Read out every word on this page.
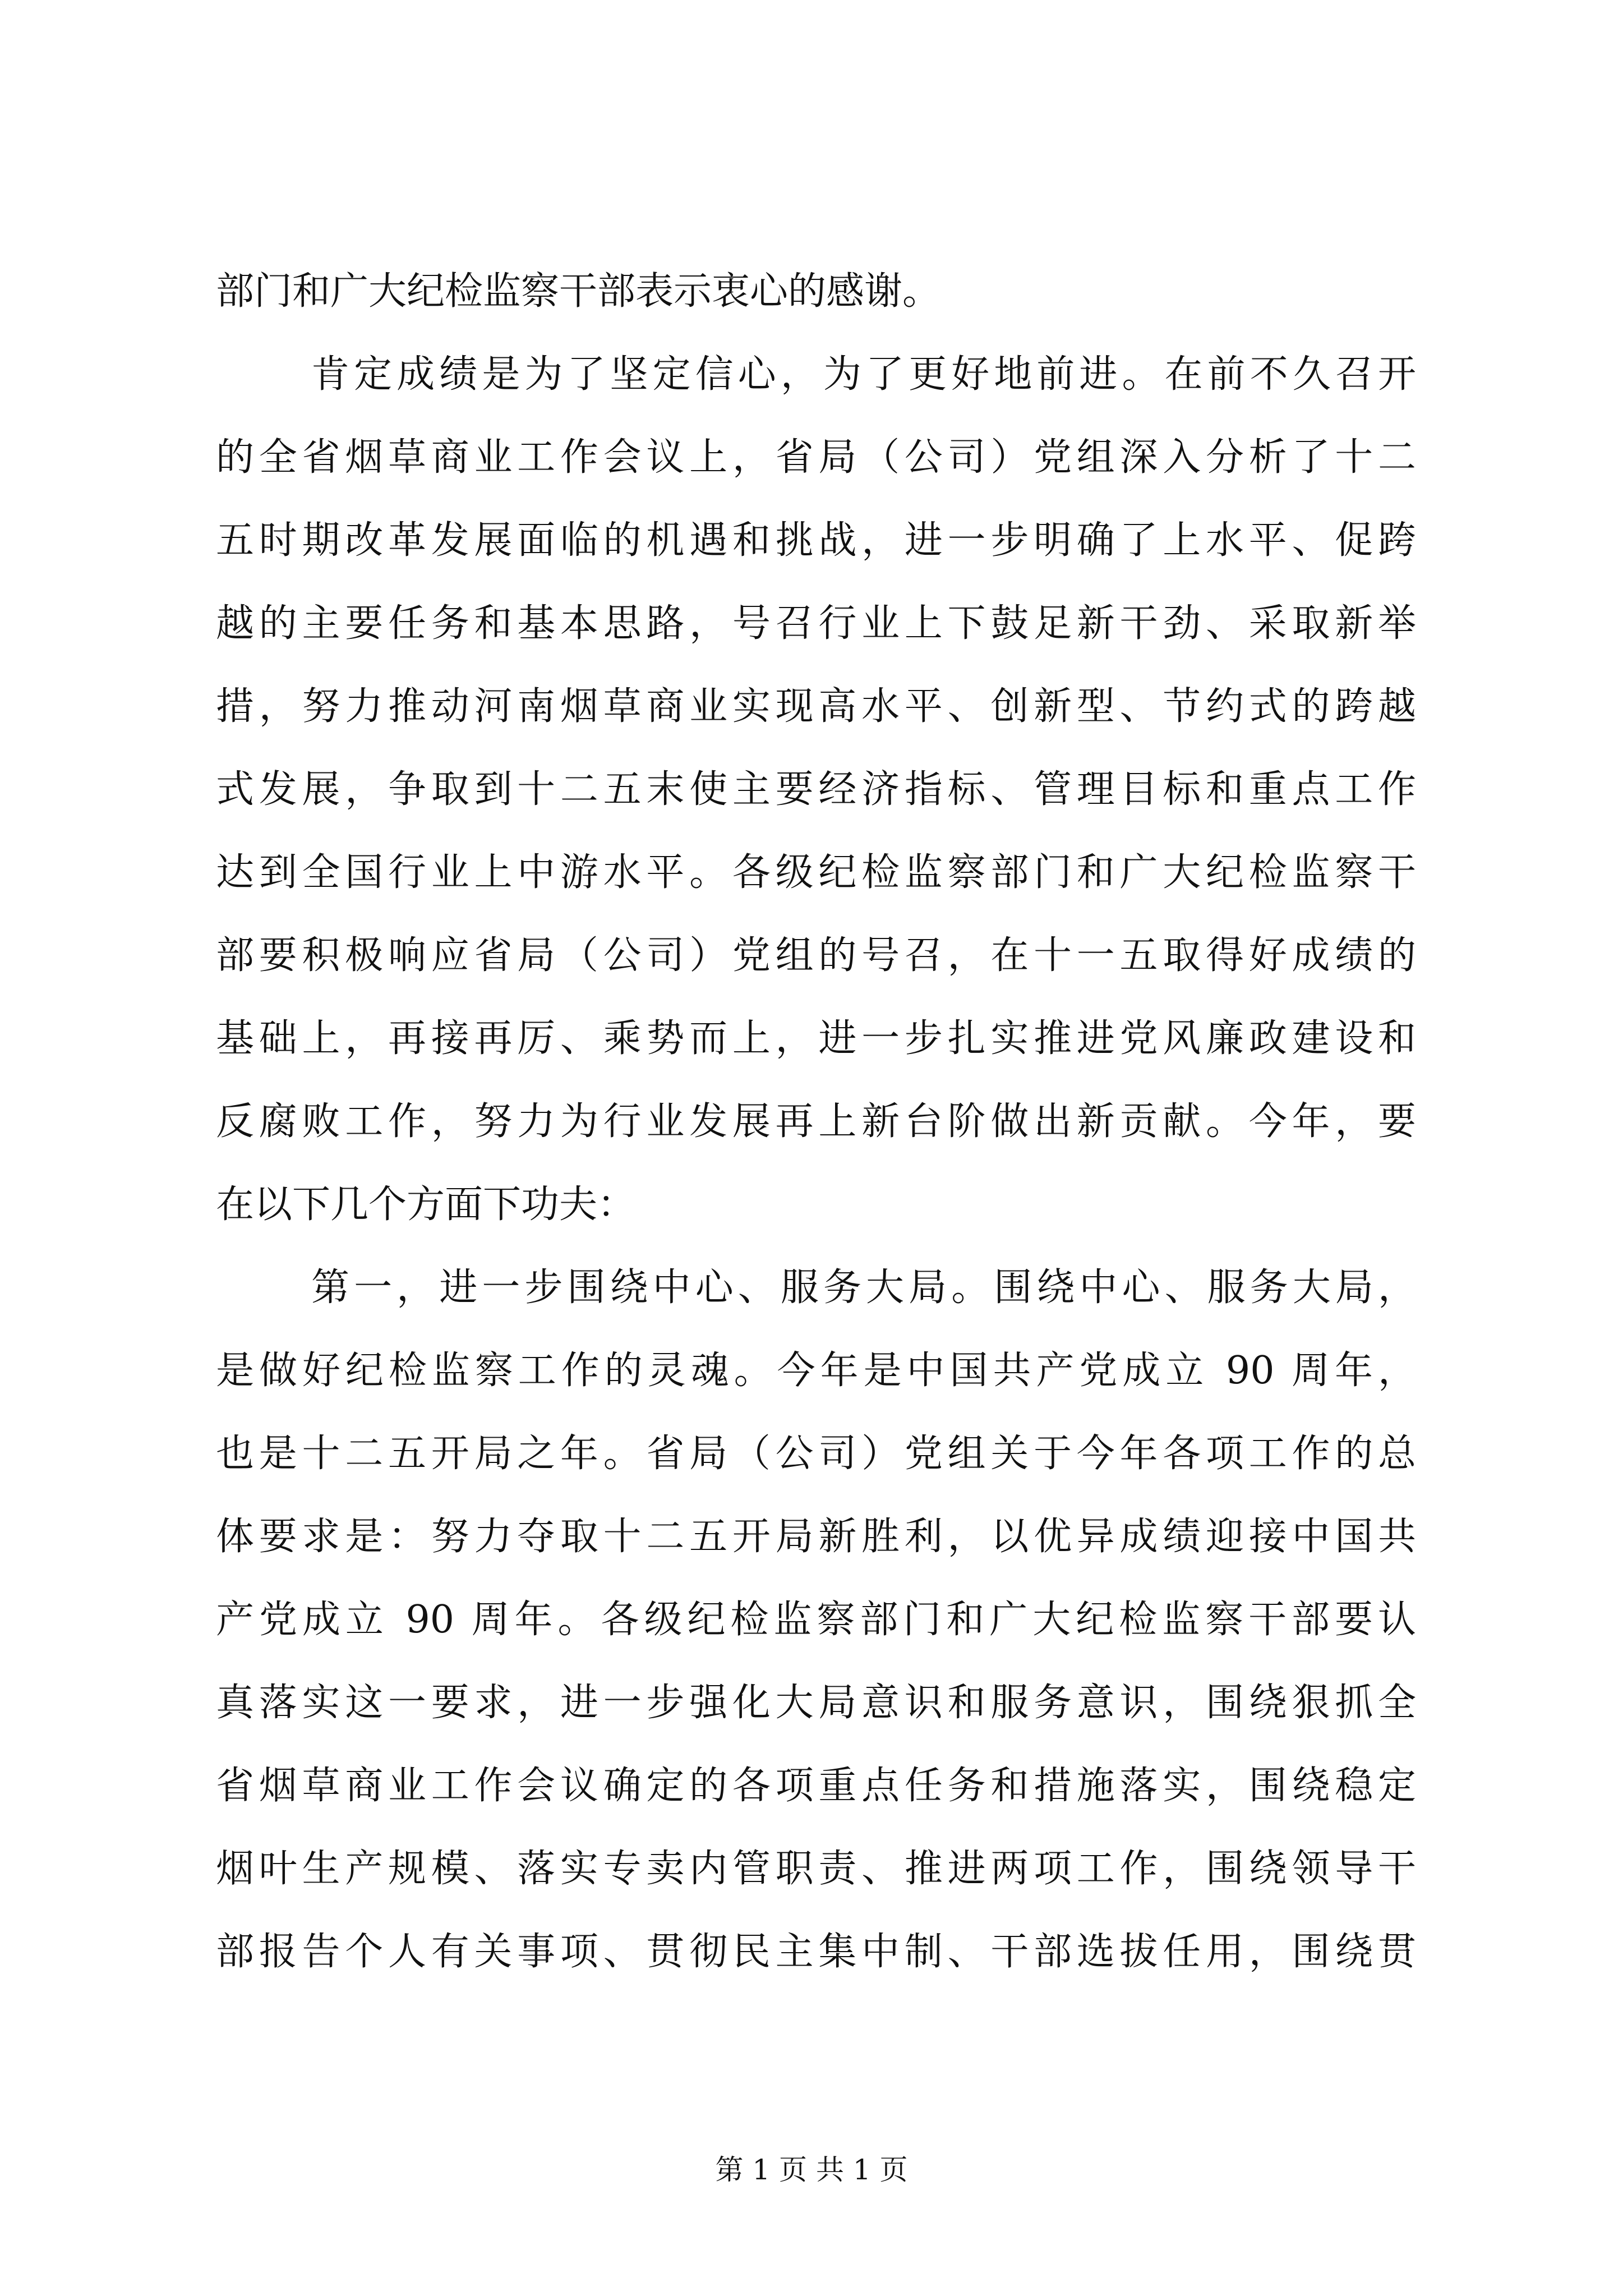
部门和广大纪检监察干部表示衷心的感谢。
肯定成绩是为了坚定信心，为了更好地前进。在前不久召开
的全省烟草商业工作会议上，省局（公司）党组深入分析了十二
五时期改革发展面临的机遇和挑战，进一步明确了上水平、促跨
越的主要任务和基本思路，号召行业上下鼓足新干劲、采取新举
措，努力推动河南烟草商业实现高水平、创新型、节约式的跨越
式发展，争取到十二五末使主要经济指标、管理目标和重点工作
达到全国行业上中游水平。各级纪检监察部门和广大纪检监察干
部要积极响应省局（公司）党组的号召，在十一五取得好成绩的
基础上，再接再厉、乘势而上，进一步扎实推进党风廉政建设和
反腐败工作，努力为行业发展再上新台阶做出新贡献。今年，要
在以下几个方面下功夫：
第一，进一步围绕中心、服务大局。围绕中心、服务大局，
是做好纪检监察工作的灵魂。今年是中国共产党成立 90 周年，
也是十二五开局之年。省局（公司）党组关于今年各项工作的总
体要求是：努力夺取十二五开局新胜利，以优异成绩迎接中国共
产党成立 90 周年。各级纪检监察部门和广大纪检监察干部要认
真落实这一要求，进一步强化大局意识和服务意识，围绕狠抓全
省烟草商业工作会议确定的各项重点任务和措施落实，围绕稳定
烟叶生产规模、落实专卖内管职责、推进两项工作，围绕领导干
部报告个人有关事项、贯彻民主集中制、干部选拔任用，围绕贯
第 1 页 共 1 页
